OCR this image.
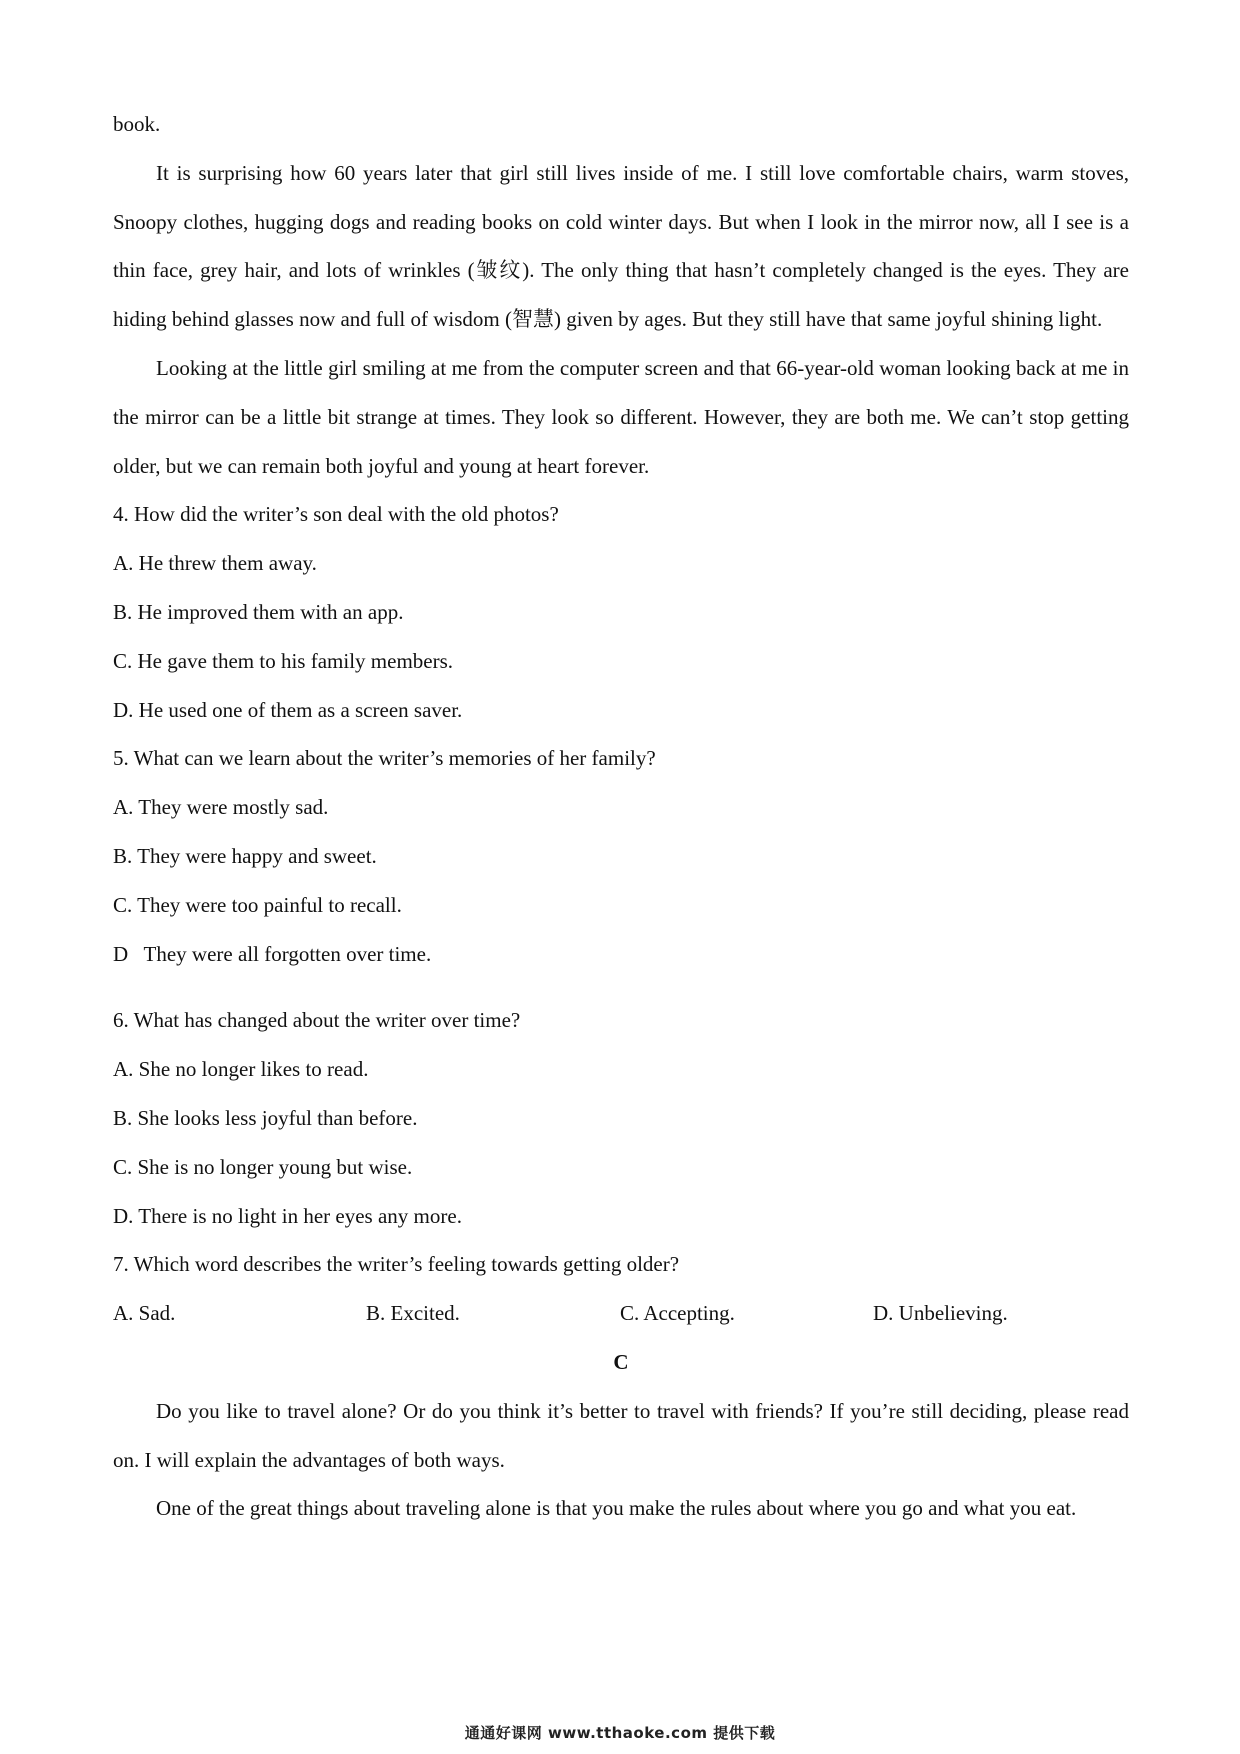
book.

It is surprising how 60 years later that girl still lives inside of me. I still love comfortable chairs, warm stoves, Snoopy clothes, hugging dogs and reading books on cold winter days. But when I look in the mirror now, all I see is a thin face, grey hair, and lots of wrinkles (皱纹). The only thing that hasn’t completely changed is the eyes. They are hiding behind glasses now and full of wisdom (智慧) given by ages. But they still have that same joyful shining light.

Looking at the little girl smiling at me from the computer screen and that 66-year-old woman looking back at me in the mirror can be a little bit strange at times. They look so different. However, they are both me. We can’t stop getting older, but we can remain both joyful and young at heart forever.

4. How did the writer’s son deal with the old photos?

A. He threw them away.

B. He improved them with an app.

C. He gave them to his family members.

D. He used one of them as a screen saver.

5. What can we learn about the writer’s memories of her family?

A. They were mostly sad.

B. They were happy and sweet.

C. They were too painful to recall.

D   They were all forgotten over time.

6. What has changed about the writer over time?

A. She no longer likes to read.

B. She looks less joyful than before.

C. She is no longer young but wise.

D. There is no light in her eyes any more.

7. Which word describes the writer’s feeling towards getting older?

A. Sad.	B. Excited.	C. Accepting.	D. Unbelieving.

C

Do you like to travel alone? Or do you think it’s better to travel with friends? If you’re still deciding, please read on. I will explain the advantages of both ways.

One of the great things about traveling alone is that you make the rules about where you go and what you eat.

通通好课网 www.tthaoke.com 提供下载
